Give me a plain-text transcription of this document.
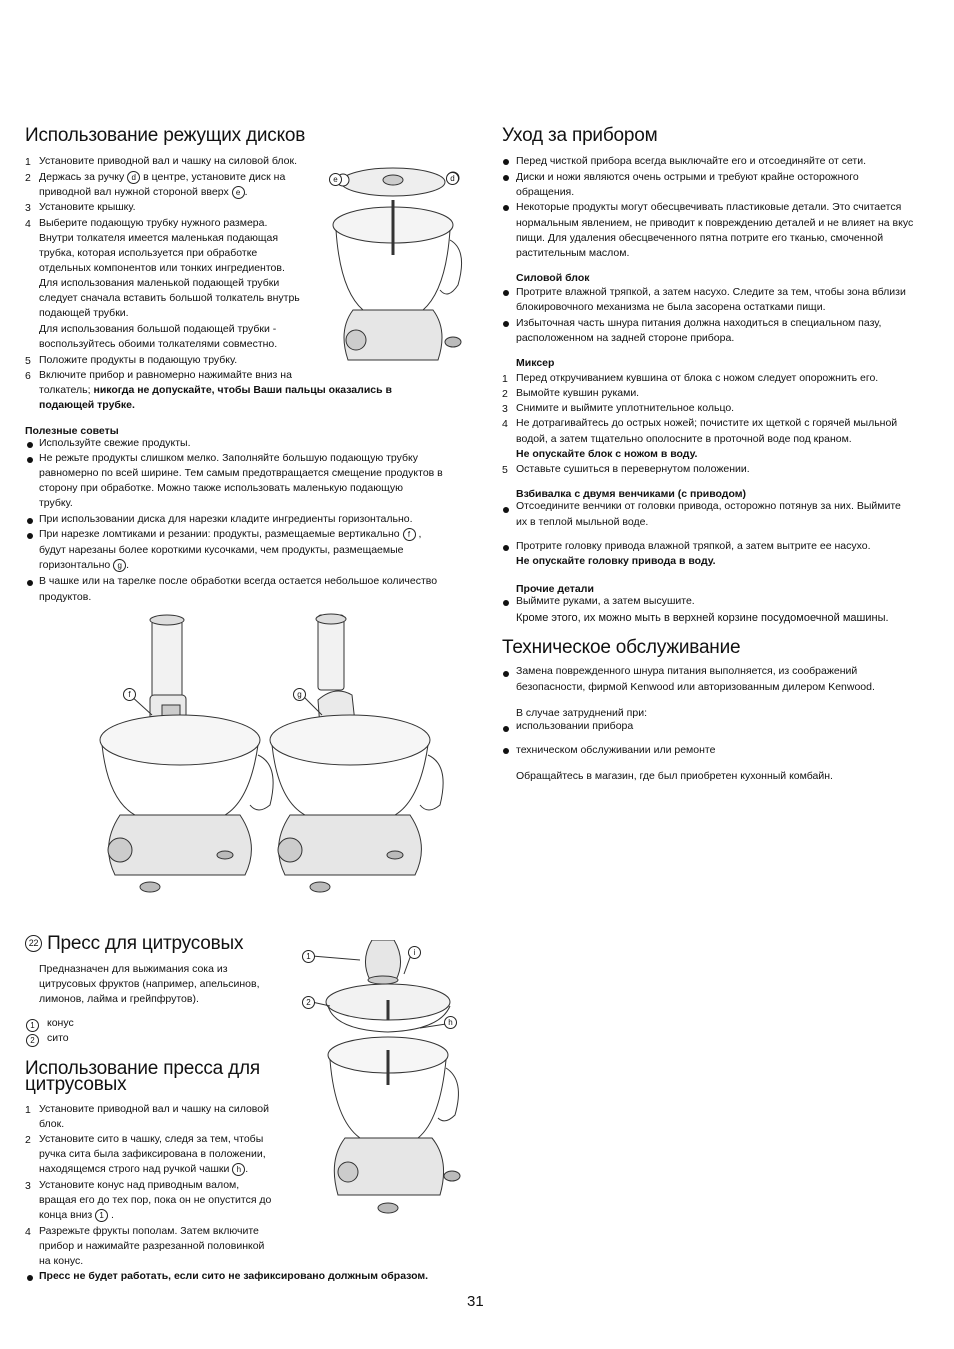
Использование режущих дисков
1 Установите приводной вал и чашку на силовой блок.
2 Держась за ручку d в центре, установите диск на
приводной вал нужной стороной вверх e .
3 Установите крышку.
4 Выберите подающую трубку нужного размера.
Внутри толкателя имеется маленькая подающая
трубка, которая используется при обработке
отдельных компонентов или тонких ингредиентов.
Для использования маленькой подающей трубки
следует сначала вставить большой толкатель внутрь
подающей трубки.
Для использования большой подающей трубки -
воспользуйтесь обоими толкателями совместно.
5 Положите продукты в подающую трубку.
6 Включите прибор и равномерно нажимайте вниз на
толкатель; никогда не допускайте, чтобы Ваши пальцы оказались в
подающей трубке.
Полезные советы
Используйте свежие продукты.
Не режьте продукты слишком мелко. Заполняйте большую подающую трубку
равномерно по всей ширине. Тем самым предотвращается смещение продуктов в
сторону при обработке. Можно также использовать маленькую подающую
трубку.
При использовании диска для нарезки кладите ингредиенты горизонтально.
При нарезке ломтиками и резании: продукты, размещаемые вертикально f ,
будут нарезаны более короткими кусочками, чем продукты, размещаемые
горизонтально g .
В чашке или на тарелке после обработки всегда остается небольшое количество
продуктов.
e	d
f	g
22 Пресс для цитрусовых
Предназначен для выжимания сока из
цитрусовых фруктов (например, апельсинов,
лимонов, лайма и грейпфрутов).
1	конус
2	сито
Использование пресса для
цитрусовых
1 Установите приводной вал и чашку на силовой
блок.
2 Установите сито в чашку, следя за тем, чтобы
ручка сита была зафиксирована в положении,
находящемся строго над ручкой чашки h .
3 Установите конус над приводным валом,
вращая его до тех пор, пока он не опустится до
конца вниз 1 .
4 Разрежьте фрукты пополам. Затем включите
прибор и нажимайте разрезанной половинкой
на конус.
Пресс не будет работать, если сито не зафиксировано должным образом.
1
2
i
h
Уход за прибором
Перед чисткой прибора всегда выключайте его и отсоединяйте от сети.
Диски и ножи являются очень острыми и требуют крайне осторожного
обращения.
Некоторые продукты могут обесцвечивать пластиковые детали. Это считается
нормальным явлением, не приводит к повреждению деталей и не влияет на вкус
пищи. Для удаления обесцвеченного пятна потрите его тканью, смоченной
растительным маслом.
Силовой блок
Протрите влажной тряпкой, а затем насухо. Следите за тем, чтобы зона вблизи
блокировочного механизма не была засорена остатками пищи.
Избыточная часть шнура питания должна находиться в специальном пазу,
расположенном на задней стороне прибора.
Миксер
1 Перед откручиванием кувшина от блока с ножом следует опорожнить его.
2 Вымойте кувшин руками.
3 Снимите и выймите уплотнительное кольцо.
4 Не дотрагивайтесь до острых ножей; почистите их щеткой с горячей мыльной
водой, а затем тщательно ополосните в проточной воде под краном.
Не опускайте блок с ножом в воду.
5 Оставьте сушиться в перевернутом положении.
Взбивалка с двумя венчиками (с приводом)
Отсоедините венчики от головки привода, осторожно потянув за них. Выймите
их в теплой мыльной воде.
Протрите головку привода влажной тряпкой, а затем вытрите ее насухо.
Не опускайте головку привода в воду.
Прочие детали
Выймите руками, а затем высушите.
Кроме этого, их можно мыть в верхней корзине посудомоечной машины.
Техническое обслуживание
Замена поврежденного шнура питания выполняется, из соображений
безопасности, фирмой Kenwood или авторизованным дилером Kenwood.
В случае затруднений при:
использовании прибора
техническом обслуживании или ремонте
Обращайтесь в магазин, где был приобретен кухонный комбайн.
31
